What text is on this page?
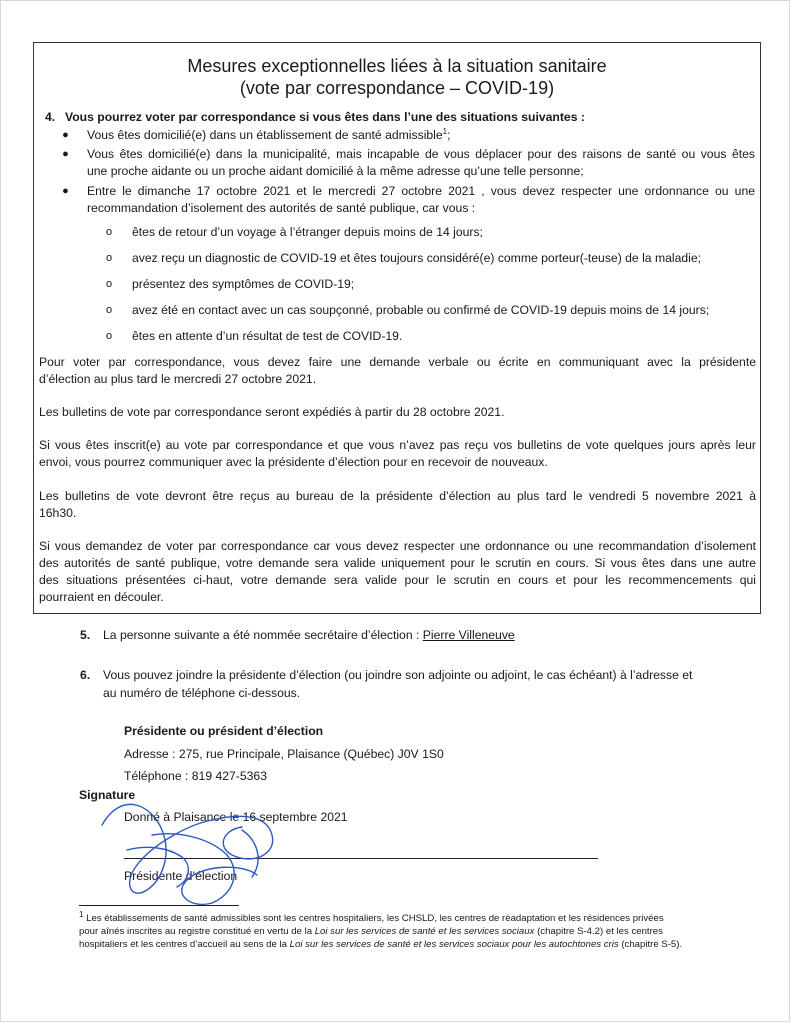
Mesures exceptionnelles liées à la situation sanitaire
(vote par correspondance – COVID-19)
4. Vous pourrez voter par correspondance si vous êtes dans l’une des situations suivantes :
● Vous êtes domicilié(e) dans un établissement de santé admissible$^1$;
● Vous êtes domicilié(e) dans la municipalité, mais incapable de vous déplacer pour des raisons de santé ou vous êtes
une proche aidante ou un proche aidant domicilié à la même adresse qu’une telle personne;
● Entre le dimanche 17 octobre 2021 et le mercredi 27 octobre 2021 , vous devez respecter une ordonnance ou une
recommandation d’isolement des autorités de santé publique, car vous :
o êtes de retour d’un voyage à l’étranger depuis moins de 14 jours;
o avez reçu un diagnostic de COVID-19 et êtes toujours considéré(e) comme porteur(-teuse) de la maladie;
o présentez des symptômes de COVID-19;
o avez été en contact avec un cas soupçonné, probable ou confirmé de COVID-19 depuis moins de 14 jours;
o êtes en attente d’un résultat de test de COVID-19.
Pour voter par correspondance, vous devez faire une demande verbale ou écrite en communiquant avec la présidente
d’élection au plus tard le mercredi 27 octobre 2021.
Les bulletins de vote par correspondance seront expédiés à partir du 28 octobre 2021.
Si vous êtes inscrit(e) au vote par correspondance et que vous n’avez pas reçu vos bulletins de vote quelques jours après leur
envoi, vous pourrez communiquer avec la présidente d’élection pour en recevoir de nouveaux.
Les bulletins de vote devront être reçus au bureau de la présidente d’élection au plus tard le vendredi 5 novembre 2021 à
16h30.
Si vous demandez de voter par correspondance car vous devez respecter une ordonnance ou une recommandation d’isolement
des autorités de santé publique, votre demande sera valide uniquement pour le scrutin en cours. Si vous êtes dans une autre
des situations présentées ci-haut, votre demande sera valide pour le scrutin en cours et pour les recommencements qui
pourraient en découler.
5. La personne suivante a été nommée secrétaire d’élection : Pierre Villeneuve
6. Vous pouvez joindre la présidente d’élection (ou joindre son adjointe ou adjoint, le cas échéant) à l’adresse et
au numéro de téléphone ci-dessous.
Présidente ou président d’élection
Adresse : 275, rue Principale, Plaisance (Québec) J0V 1S0
Téléphone : 819 427-5363
Signature
Donné à Plaisance le 16 septembre 2021
Présidente d’élection
$^1$ Les établissements de santé admissibles sont les centres hospitaliers, les CHSLD, les centres de réadaptation et les résidences privées
pour aînés inscrites au registre constitué en vertu de la Loi sur les services de santé et les services sociaux (chapitre S-4.2) et les centres
hospitaliers et les centres d’accueil au sens de la Loi sur les services de santé et les services sociaux pour les autochtones cris (chapitre S-5).
